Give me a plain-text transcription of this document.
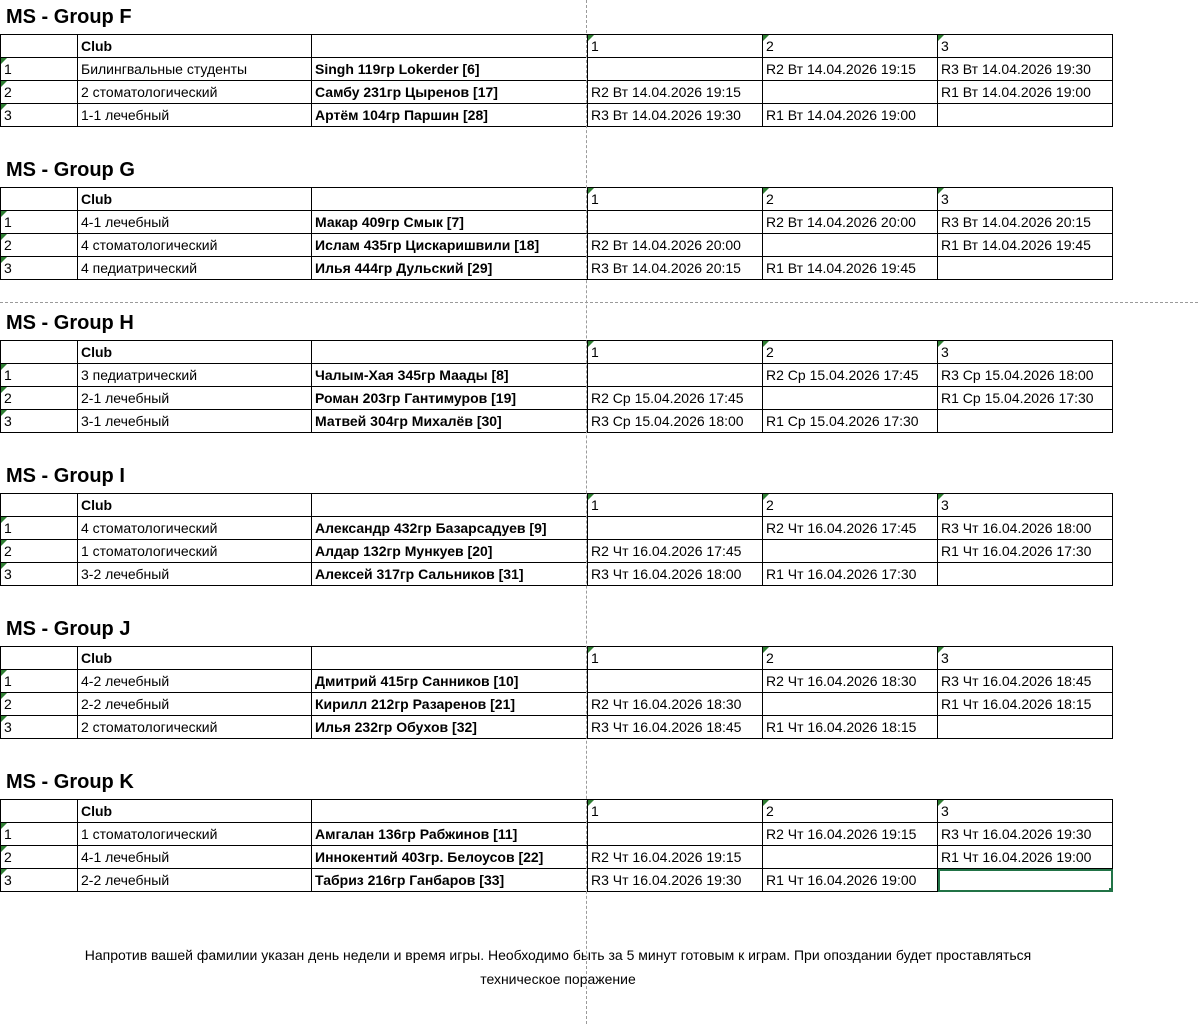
MS - Group F
	Club		1	2	3
1	Билингвальные студенты	Singh 119гр Lokerder [6]		R2 Вт 14.04.2026 19:15	R3 Вт 14.04.2026 19:30
2	2 стоматологический	Самбу 231гр Цыренов [17]	R2 Вт 14.04.2026 19:15		R1 Вт 14.04.2026 19:00
3	1-1 лечебный	Артём 104гр Паршин [28]	R3 Вт 14.04.2026 19:30	R1 Вт 14.04.2026 19:00	
MS - Group G
	Club		1	2	3
1	4-1 лечебный	Макар 409гр Смык [7]		R2 Вт 14.04.2026 20:00	R3 Вт 14.04.2026 20:15
2	4 стоматологический	Ислам 435гр Цискаришвили [18]	R2 Вт 14.04.2026 20:00		R1 Вт 14.04.2026 19:45
3	4 педиатрический	Илья 444гр Дульский [29]	R3 Вт 14.04.2026 20:15	R1 Вт 14.04.2026 19:45	
MS - Group H
	Club		1	2	3
1	3 педиатрический	Чалым-Хая 345гр Маады [8]		R2 Ср 15.04.2026 17:45	R3 Ср 15.04.2026 18:00
2	2-1 лечебный	Роман 203гр Гантимуров [19]	R2 Ср 15.04.2026 17:45		R1 Ср 15.04.2026 17:30
3	3-1 лечебный	Матвей 304гр Михалёв [30]	R3 Ср 15.04.2026 18:00	R1 Ср 15.04.2026 17:30	
MS - Group I
	Club		1	2	3
1	4 стоматологический	Александр 432гр Базарсадуев [9]		R2 Чт 16.04.2026 17:45	R3 Чт 16.04.2026 18:00
2	1 стоматологический	Алдар 132гр Мункуев [20]	R2 Чт 16.04.2026 17:45		R1 Чт 16.04.2026 17:30
3	3-2 лечебный	Алексей 317гр Сальников [31]	R3 Чт 16.04.2026 18:00	R1 Чт 16.04.2026 17:30	
MS - Group J
	Club		1	2	3
1	4-2 лечебный	Дмитрий 415гр Санников [10]		R2 Чт 16.04.2026 18:30	R3 Чт 16.04.2026 18:45
2	2-2 лечебный	Кирилл 212гр Разаренов [21]	R2 Чт 16.04.2026 18:30		R1 Чт 16.04.2026 18:15
3	2 стоматологический	Илья 232гр Обухов [32]	R3 Чт 16.04.2026 18:45	R1 Чт 16.04.2026 18:15	
MS - Group K
	Club		1	2	3
1	1 стоматологический	Амгалан 136гр Рабжинов [11]		R2 Чт 16.04.2026 19:15	R3 Чт 16.04.2026 19:30
2	4-1 лечебный	Иннокентий 403гр. Белоусов [22]	R2 Чт 16.04.2026 19:15		R1 Чт 16.04.2026 19:00
3	2-2 лечебный	Табриз 216гр Ганбаров [33]	R3 Чт 16.04.2026 19:30	R1 Чт 16.04.2026 19:00	
Напротив вашей фамилии указан день недели и время игры. Необходимо быть за 5 минут готовым к играм. При опоздании будет проставляться
техническое поражение
